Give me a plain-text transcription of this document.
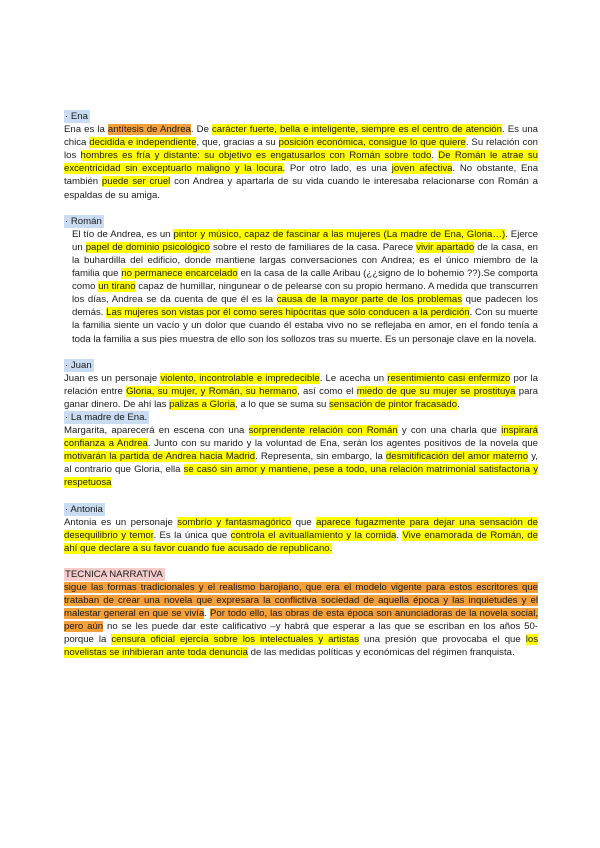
· Ena

Ena es la antítesis de Andrea. De carácter fuerte, bella e inteligente, siempre es el centro de atención. Es una chica decidida e independiente, que, gracias a su posición económica, consigue lo que quiere. Su relación con los hombres es fría y distante: su objetivo es engatusarlos con Román sobre todo. De Román le atrae su excentricidad sin exceptuarlo maligno y la locura. Por otro lado, es una joven afectiva. No obstante, Ena también puede ser cruel con Andrea y apartarla de su vida cuando le interesaba relacionarse con Román a espaldas de su amiga.

· Román

El tío de Andrea, es un pintor y músico, capaz de fascinar a las mujeres (La madre de Ena, Gloria…). Ejerce un papel de dominio psicológico sobre el resto de familiares de la casa. Parece vivir apartado de la casa, en la buhardilla del edificio, donde mantiene largas conversaciones con Andrea; es el único miembro de la familia que no permanece encarcelado en la casa de la calle Aribau (¿¿signo de lo bohemio ??).Se comporta como un tirano capaz de humillar, ningunear o de pelearse con su propio hermano. A medida que transcurren los días, Andrea se da cuenta de que él es la causa de la mayor parte de los problemas que padecen los demás. Las mujeres son vistas por él como seres hipócritas que sólo conducen a la perdición. Con su muerte la familia siente un vacío y un dolor que cuando él estaba vivo no se reflejaba en amor, en el fondo tenía a toda la familia a sus pies muestra de ello son los sollozos tras su muerte. Es un personaje clave en la novela.

· Juan

Juan es un personaje violento, incontrolable e impredecible. Le acecha un resentimiento casi enfermizo por la relación entre Gloria, su mujer, y Román, su hermano, así como el miedo de que su mujer se prostituya para ganar dinero. De ahí las palizas a Gloria, a lo que se suma su sensación de pintor fracasado.

· La madre de Ena.

Margarita, aparecerá en escena con una sorprendente relación con Román y con una charla que inspirará confianza a Andrea. Junto con su marido y la voluntad de Ena, serán los agentes positivos de la novela que motivarán la partida de Andrea hacia Madrid. Representa, sin embargo, la desmitificación del amor materno y, al contrario que Gloria, ella se casó sin amor y mantiene, pese a todo, una relación matrimonial satisfactoria y respetuosa

· Antonia

Antonia es un personaje sombrío y fantasmagórico que aparece fugazmente para dejar una sensación de desequilibrio y temor. Es la única que controla el avituallamiento y la comida. Vive enamorada de Román, de ahí que declare a su favor cuando fue acusado de republicano.

TECNICA NARRATIVA

sigue las formas tradicionales y el realismo barojiano, que era el modelo vigente para estos escritores que trataban de crear una novela que expresara la conflictiva sociedad de aquella época y las inquietudes y el malestar general en que se vivía. Por todo ello, las obras de esta época son anunciadoras de la novela social, pero aún no se les puede dar este calificativo –y habrá que esperar a las que se escriban en los años 50- porque la censura oficial ejercía sobre los intelectuales y artistas una presión que provocaba el que los novelistas se inhibieran ante toda denuncia de las medidas políticas y económicas del régimen franquista.
